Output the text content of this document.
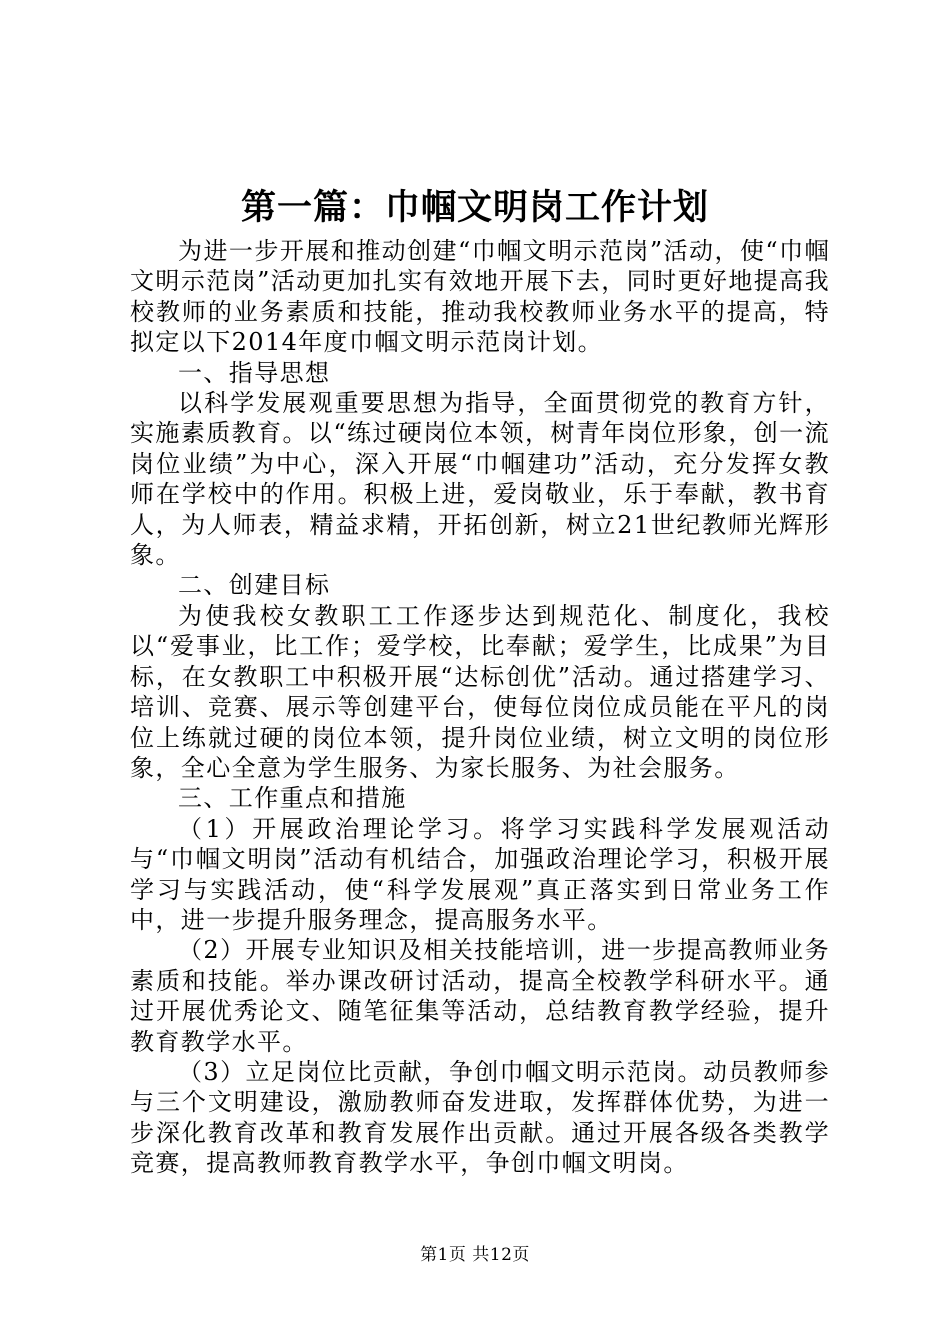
第一篇：巾帼文明岗工作计划

为进一步开展和推动创建“巾帼文明示范岗”活动，使“巾帼文明示范岗”活动更加扎实有效地开展下去，同时更好地提高我校教师的业务素质和技能，推动我校教师业务水平的提高，特拟定以下2014年度巾帼文明示范岗计划。

一、指导思想

以科学发展观重要思想为指导，全面贯彻党的教育方针，实施素质教育。以“练过硬岗位本领，树青年岗位形象，创一流岗位业绩”为中心，深入开展“巾帼建功”活动，充分发挥女教师在学校中的作用。积极上进，爱岗敬业，乐于奉献，教书育人，为人师表，精益求精，开拓创新，树立21世纪教师光辉形象。

二、创建目标

为使我校女教职工工作逐步达到规范化、制度化，我校以“爱事业，比工作；爱学校，比奉献；爱学生，比成果”为目标，在女教职工中积极开展“达标创优”活动。通过搭建学习、培训、竞赛、展示等创建平台，使每位岗位成员能在平凡的岗位上练就过硬的岗位本领，提升岗位业绩，树立文明的岗位形象，全心全意为学生服务、为家长服务、为社会服务。

三、工作重点和措施

（1）开展政治理论学习。将学习实践科学发展观活动与“巾帼文明岗”活动有机结合，加强政治理论学习，积极开展学习与实践活动，使“科学发展观”真正落实到日常业务工作中，进一步提升服务理念，提高服务水平。

（2）开展专业知识及相关技能培训，进一步提高教师业务素质和技能。举办课改研讨活动，提高全校教学科研水平。通过开展优秀论文、随笔征集等活动，总结教育教学经验，提升教育教学水平。

（3）立足岗位比贡献，争创巾帼文明示范岗。动员教师参与三个文明建设，激励教师奋发进取，发挥群体优势，为进一步深化教育改革和教育发展作出贡献。通过开展各级各类教学竞赛，提高教师教育教学水平，争创巾帼文明岗。

第1页 共12页
